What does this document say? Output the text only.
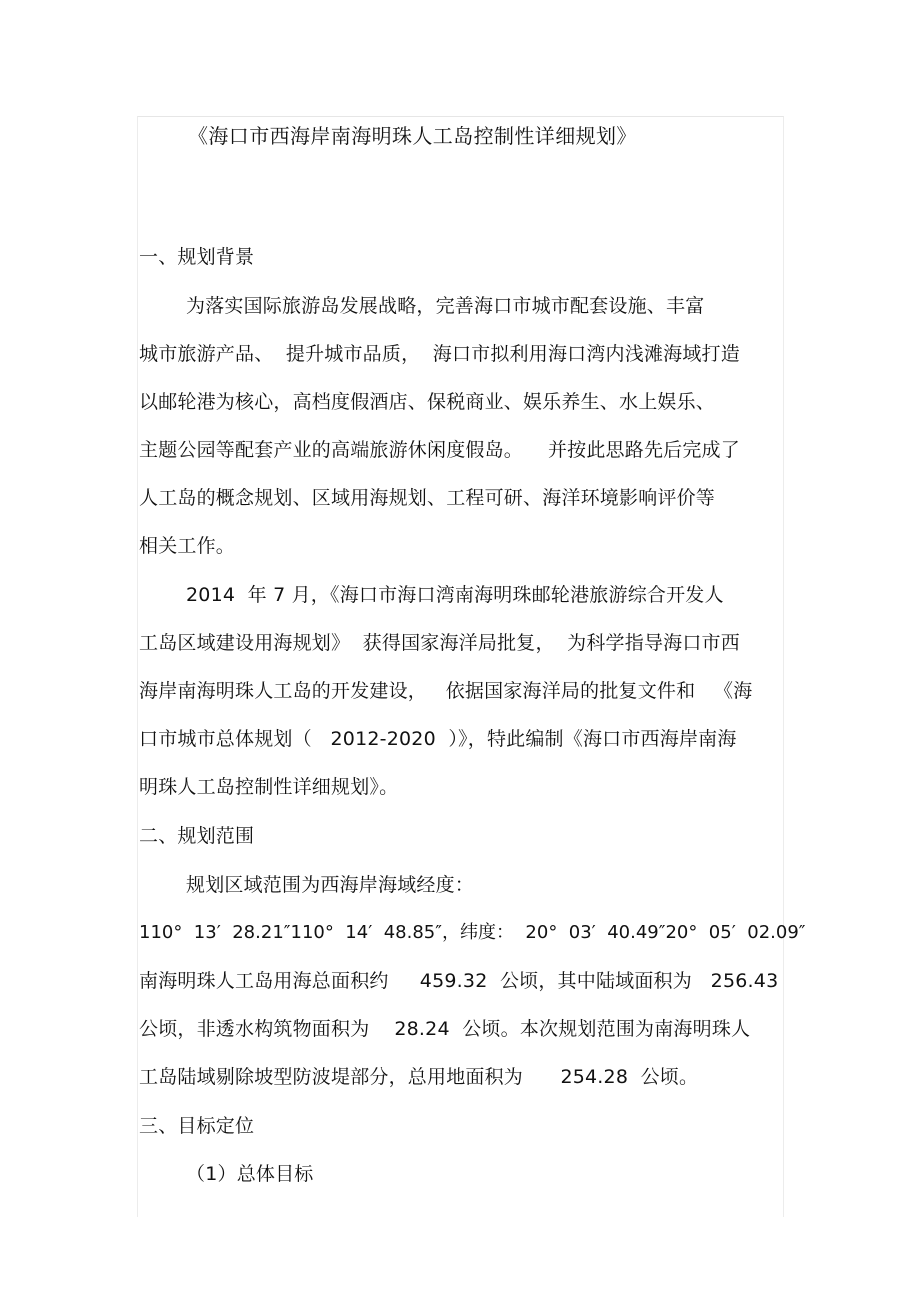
《海口市西海岸南海明珠人工岛控制性详细规划》
一、规划背景
为落实国际旅游岛发展战略，完善海口市城市配套设施、丰富
城市旅游产品、  提升城市品质，  海口市拟利用海口湾内浅滩海域打造
以邮轮港为核心，高档度假酒店、保税商业、娱乐养生、水上娱乐、
主题公园等配套产业的高端旅游休闲度假岛。    并按此思路先后完成了
人工岛的概念规划、区域用海规划、工程可研、海洋环境影响评价等
相关工作。
2014  年 7 月，《海口市海口湾南海明珠邮轮港旅游综合开发人
工岛区域建设用海规划》  获得国家海洋局批复，  为科学指导海口市西
海岸南海明珠人工岛的开发建设，   依据国家海洋局的批复文件和   《海
口市城市总体规划（   2012-2020  ）》，特此编制《海口市西海岸南海
明珠人工岛控制性详细规划》。
二、规划范围
规划区域范围为西海岸海域经度：
110°  13′  28.21″110°  14′  48.85″，纬度：  20°  03′  40.49″20°  05′  02.09″
南海明珠人工岛用海总面积约     459.32  公顷，其中陆域面积为   256.43
公顷，非透水构筑物面积为    28.24  公顷。本次规划范围为南海明珠人
工岛陆域剔除坡型防波堤部分，总用地面积为      254.28  公顷。
三、目标定位
（1）总体目标
